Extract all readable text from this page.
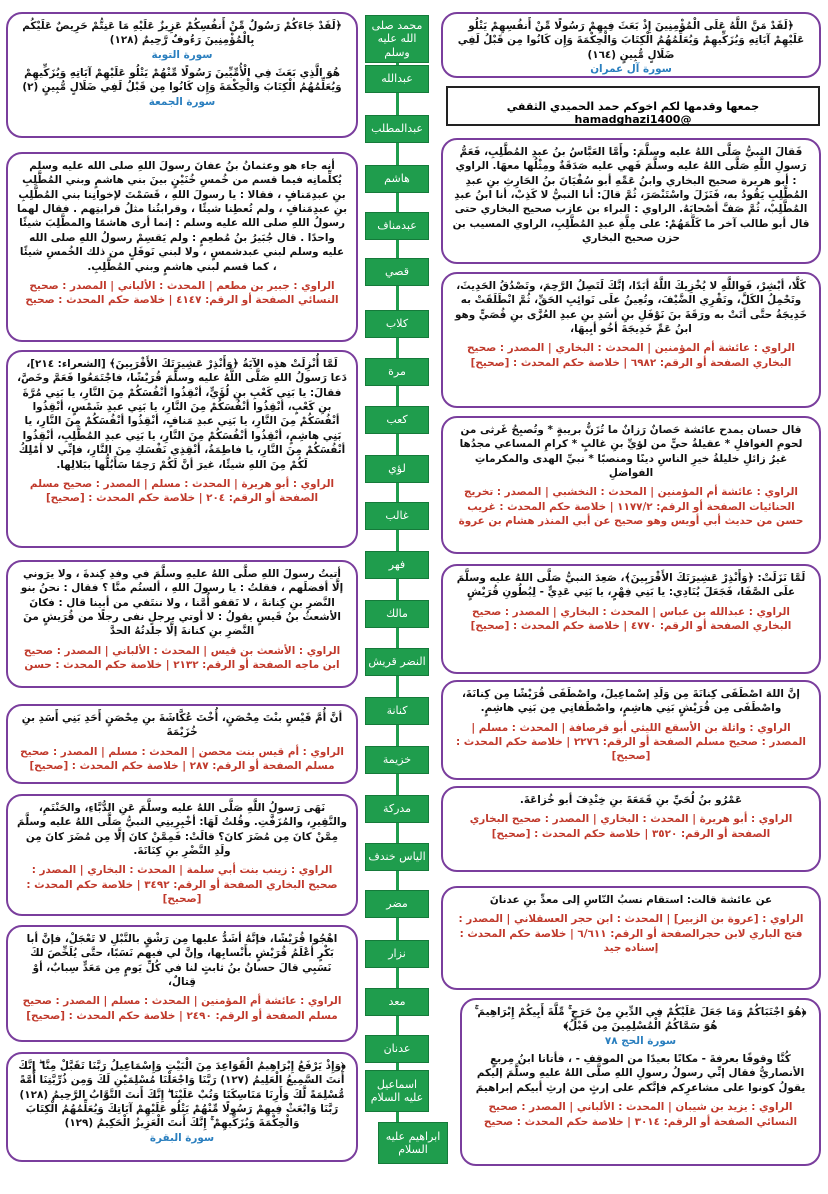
محمد صلى الله عليه وسلم
عبدالله
عبدالمطلب
هاشم
عبدمناف
قصي
كلاب
مرة
كعب
لؤي
غالب
فهر
مالك
النضر قريش
كنانة
خزيمة
مدركة
الياس خندف
مضر
نزار
معد
عدنان
اسماعيل عليه السلام
ابراهيم عليه السلام
﴿لَقَدْ جَاءَكُمْ رَسُولٌ مِّنْ أَنفُسِكُمْ عَزِيزٌ عَلَيْهِ مَا عَنِتُّمْ حَرِيصٌ عَلَيْكُم بِالْمُؤْمِنِينَ رَءُوفٌ رَّحِيمٌ (١٢٨)
سورة التوبة
هُوَ الَّذِي بَعَثَ فِي الْأُمِّيِّينَ رَسُولًا مِّنْهُمْ يَتْلُو عَلَيْهِمْ آيَاتِهِ وَيُزَكِّيهِمْ وَيُعَلِّمُهُمُ الْكِتَابَ وَالْحِكْمَةَ وَإِن كَانُوا مِن قَبْلُ لَفِي ضَلَالٍ مُّبِينٍ (٢)
سورة الجمعة
أنه جاء هو وعثمانُ بنُ عفانَ رسولَ اللهِ صلى الله عليه وسلم يُكلِّمانِه فيما قسم من خُمسِ خُنَيْنٍ بينَ بني هاشمٍ وبني المُطَّلِبِ بنِ عبدِمَنافٍ ، فقالا : يا رسولَ اللهِ ، قَسَمْتَ لإخوانِنا بني المُطَّلِبِ بنِ عبدِمَنافٍ ، ولم تُعطِنا شيئًا ، وقرابتُنا مثلُ قرابتِهم . فقال لهما رسولُ اللهِ صلى الله عليه وسلم : إنما أرى هاشمًا والمطَّلِبَ شيئًا واحدًا . قال جُبَيرُ بنُ مُطعِمٍ : ولم يَقسِمْ رسولُ اللهِ صلى الله عليه وسلم لبني عبدشمسٍ ، ولا لبني نَوفَلٍ من ذلك الخُمسِ شيئًا ، كما قسم لبني هاشمٍ وبني المُطَّلِبِ.
الراوي : جبير بن مطعم | المحدث : الألباني | المصدر : صحيح النسائي الصفحة أو الرقم: ٤١٤٧ | خلاصة حكم المحدث : صحيح
لَمَّا أُنْزِلَتْ هذِه الآيَةُ ﴿وَأَنْذِرْ عَشِيرَتَكَ الأَقْرَبِينَ﴾ [الشعراء: ٢١٤]، دَعا رَسولُ اللهِ صَلَّى اللَّهُ عليه وسلَّمَ قُرَيْشًا، فاجْتَمَعُوا فَعَمَّ وخَصَّ، فقالَ: يا بَنِي كَعْبِ بنِ لُؤَيٍّ، أنْقِذُوا أنْفُسَكُمْ مِنَ النَّارِ، يا بَنِي مُرَّةَ بنِ كَعْبٍ، أنْقِذُوا أنْفُسَكُمْ مِنَ النَّارِ، يا بَنِي عبدِ شَمْسٍ، أنْقِذُوا أنْفُسَكُمْ مِنَ النَّارِ، يا بَنِي عبدِ مَنافٍ، أنْقِذُوا أنْفُسَكُمْ مِنَ النَّارِ، يا بَنِي هاشِمٍ، أنْقِذُوا أنْفُسَكُمْ مِنَ النَّارِ، يا بَنِي عبدِ المُطَّلِبِ، أنْقِذُوا أنْفُسَكُمْ مِنَ النَّارِ، يا فاطِمَةُ، أنْقِذِي نَفْسَكِ مِنَ النَّارِ، فإنِّي لا أمْلِكُ لَكُمْ مِنَ اللهِ شيئًا، غيرَ أنَّ لَكُمْ رَحِمًا سَأَبُلُّها ببَلالِها.
الراوي : أبو هريرة | المحدث : مسلم | المصدر : صحيح مسلم الصفحة أو الرقم: ٢٠٤ | خلاصة حكم المحدث : [صحيح]
أتيتُ رسولَ اللهِ صلَّى اللهُ عليهِ وسلَّمَ في وفدِ كِندةَ ، ولا يرَوني إلَّا أفضلَهم ، فقلتُ : يا رسولَ اللهِ ، ألستُم منَّا ؟ فقال : نحنُ بنو النَّضرِ بنِ كِنانةَ ، لا نَقفو أُمَّنا ، ولا ننتَفي من أبينا قال : فكانَ الأشعثُ بنُ قَيسٍ يقولُ : لا أوتي برجلٍ نفى رجلًا من قُرَيشٍ منَ النَّضرِ بنِ كنانةَ إلَّا جلدتُهُ الحدَّ
الراوي : الأشعث بن قيس | المحدث : الألباني | المصدر : صحيح ابن ماجه الصفحة أو الرقم: ٢١٣٢ | خلاصة حكم المحدث : حسن
أنَّ أُمَّ قَيْسٍ بنْتَ مِحْصَنٍ، أُخْتَ عُكَّاشَةَ بنِ مِحْصَنٍ أَحَدِ بَنِي أَسَدِ بنِ خُزَيْمَةَ
الراوي : أم قيس بنت محصن | المحدث : مسلم | المصدر : صحيح مسلم الصفحة أو الرقم: ٢٨٧ | خلاصة حكم المحدث : [صحيح]
نَهَى رَسولُ اللَّهِ صَلَّى اللهُ عليه وسلَّمَ عَنِ الدُّبَّاءِ، والحَنْتَمِ، والنَّقِيرِ، والمُزَفَّتِ. وقُلتُ لَهَا: أخْبِرِينِي النبيُّ صَلَّى اللهُ عليه وسلَّمَ مِمَّنْ كانَ مِن مُضَرَ كانَ؟ قالَتْ: فَمِمَّنْ كانَ إلَّا مِن مُضَرَ كانَ مِن ولَدِ النَّضْرِ بنِ كِنَانَةَ.
الراوي : زينب بنت أبي سلمة | المحدث : البخاري | المصدر : صحيح البخاري الصفحة أو الرقم: ٣٤٩٢ | خلاصة حكم المحدث : [صحيح]
اهْجُوا قُرَيْشًا، فإنَّهُ أشَدُّ عليها مِن رَشْقٍ بالنَّبْلِ لا تَعْجَلْ، فإنَّ أبا بَكْرٍ أعْلَمُ قُرَيْشٍ بأَنْسابِها، وإنَّ لي فيهم نَسَبًا، حتَّى يُلَخِّصَ لكَ نَسَبِي قالَ حسانُ بنُ ثابتٍ لنا في كُلِّ يَومٍ مِن مَعَدٍّ سِبابٌ، أوْ قِتالٌ،
الراوي : عائشة أم المؤمنين | المحدث : مسلم | المصدر : صحيح مسلم الصفحة أو الرقم: ٢٤٩٠ | خلاصة حكم المحدث : [صحيح]
﴿وَإِذْ يَرْفَعُ إِبْرَاهِيمُ الْقَوَاعِدَ مِنَ الْبَيْتِ وَإِسْمَاعِيلُ رَبَّنَا تَقَبَّلْ مِنَّا ۖ إِنَّكَ أَنتَ السَّمِيعُ الْعَلِيمُ (١٢٧) رَبَّنَا وَاجْعَلْنَا مُسْلِمَيْنِ لَكَ وَمِن ذُرِّيَّتِنَا أُمَّةً مُّسْلِمَةً لَّكَ وَأَرِنَا مَنَاسِكَنَا وَتُبْ عَلَيْنَا ۖ إِنَّكَ أَنتَ التَّوَّابُ الرَّحِيمُ (١٢٨) رَبَّنَا وَابْعَثْ فِيهِمْ رَسُولًا مِّنْهُمْ يَتْلُو عَلَيْهِمْ آيَاتِكَ وَيُعَلِّمُهُمُ الْكِتَابَ وَالْحِكْمَةَ وَيُزَكِّيهِمْ ۚ إِنَّكَ أَنتَ الْعَزِيزُ الْحَكِيمُ (١٢٩)
سورة البقرة
﴿لَقَدْ مَنَّ اللَّهُ عَلَى الْمُؤْمِنِينَ إِذْ بَعَثَ فِيهِمْ رَسُولًا مِّنْ أَنفُسِهِمْ يَتْلُو عَلَيْهِمْ آيَاتِهِ وَيُزَكِّيهِمْ وَيُعَلِّمُهُمُ الْكِتَابَ وَالْحِكْمَةَ وَإِن كَانُوا مِن قَبْلُ لَفِي ضَلَالٍ مُّبِينٍ (١٦٤)
سورة آل عمران
جمعها وقدمها لكم اخوكم حمد الحميدي الثقفي @hamadghazi1400
فَقالَ النبيُّ صَلَّى اللهُ عليه وسلَّمَ: وأَمَّا العَبَّاسُ بنُ عبدِ المُطَّلِبِ، فَعَمُّ رَسولِ اللَّهِ صَلَّى اللهُ عليه وسلَّمَ فَهي عليه صَدَقَةٌ ومِثْلُها معهَا. الراوي : أبو هريرة صحيح البخاري وابنُ عَمِّهِ أبو سُفْيَانَ بنُ الحَارِثِ بنِ عبدِ المُطَّلِبِ يَقُودُ به، فَنَزَلَ واسْتَنْصَرَ، ثُمَّ قالَ: أنا النبيُّ لا كَذِبْ، أنا ابنُ عبدِ المُطَّلِبْ، ثُمَّ صَفَّ أصْحابَهُ. الراوي : البراء بن عازب صحيح البخاري حتى قال أبو طالب آخر ما كَلَّمَهُمْ: على مِلَّةِ عبدِ المُطَّلِبِ، الراوي المسيب بن حزن صحيح البخاري
كَلَّا، أبْشِرْ، فَواللَّهِ لا يُخْزِيكَ اللَّهُ أبَدًا، إنَّكَ لَتَصِلُ الرَّحِمَ، وتَصْدُقُ الحَدِيثَ، وتَحْمِلُ الكَلَّ، وتَقْرِي الضَّيْفَ، وتُعِينُ علَى نَوائِبِ الحَقِّ، ثُمَّ انْطَلَقَتْ به خَدِيجَةُ حتَّى أتَتْ به ورَقَةَ بنَ نَوْفَلِ بنِ أسَدِ بنِ عبدِ العُزَّى بنِ قُصَيٍّ وهو ابنُ عَمِّ خَدِيجَةَ أخُو أبِيهَا،
الراوي : عائشة أم المؤمنين | المحدث : البخاري | المصدر : صحيح البخاري الصفحة أو الرقم: ٦٩٨٢ | خلاصة حكم المحدث : [صحيح]
قال حسان يمدح عائشة حَصانٌ رَزانٌ ما تُزَنُّ بريبةٍ * وتُصبِحُ غَرثى من لحومِ الغوافلِ * عقيلةُ حيٍّ من لؤيِّ بنِ غالبٍ * كرامِ المساعي مجدُها غيرُ زائلِ خليلةُ خيرِ الناسِ دينًا ومنصبًا * نبيِّ الهدى والمكرماتِ الفواضلِ
الراوي : عائشة أم المؤمنين | المحدث : النخشبي | المصدر : تخريج الحنائيات الصفحة أو الرقم: ١١٧٧/٢ | خلاصة حكم المحدث : غريب حسن من حديث أبي أويس وهو صحيح عن أبي المنذر هشام بن عروة
لَمَّا نَزَلَتْ: ﴿وَأَنْذِرْ عَشِيرَتَكَ الأَقْرَبِينَ﴾، صَعِدَ النبيُّ صَلَّى اللهُ عليه وسلَّمَ علَى الصَّفَا، فَجَعَلَ يُنَادِي: يا بَنِي فِهْرٍ، يا بَنِي عَدِيٍّ - لِبُطُونِ قُرَيْشٍ
الراوي : عبدالله بن عباس | المحدث : البخاري | المصدر : صحيح البخاري الصفحة أو الرقم: ٤٧٧٠ | خلاصة حكم المحدث : [صحيح]
إنَّ اللهَ اصْطَفَى كِنانَةَ مِن وَلَدِ إسْماعِيلَ، واصْطَفَى قُرَيْشًا مِن كِنانَةَ، واصْطَفَى مِن قُرَيْشٍ بَنِي هاشِمٍ، واصْطَفانِي مِن بَنِي هاشِمٍ.
الراوي : واثلة بن الأسقع الليثي أبو قرصافة | المحدث : مسلم | المصدر : صحيح مسلم الصفحة أو الرقم: ٢٢٧٦ | خلاصة حكم المحدث : [صحيح]
عَمْرُو بنُ لُحَيِّ بنِ قَمَعَةَ بنِ خِنْدِفَ أبو خُزاعَةَ.
الراوي : أبو هريرة | المحدث : البخاري | المصدر : صحيح البخاري الصفحة أو الرقم: ٣٥٢٠ | خلاصة حكم المحدث : [صحيح]
عن عائشة قالت: استقام نسبُ النّاسِ إلى معدِّ بنِ عدنانَ
الراوي : [عروة بن الزبير] | المحدث : ابن حجر العسقلاني | المصدر : فتح الباري لابن حجرالصفحة أو الرقم: ٦/٦١١ | خلاصة حكم المحدث : إسناده جيد
﴿هُوَ اجْتَبَاكُمْ وَمَا جَعَلَ عَلَيْكُمْ فِي الدِّينِ مِنْ حَرَجٍ ۚ مِّلَّةَ أَبِيكُمْ إِبْرَاهِيمَ ۚ هُوَ سَمَّاكُمُ الْمُسْلِمِينَ مِن قَبْلُ﴾
سورة الحج ٧٨
كُنَّا وقوفًا بعرفةَ - مكانًا بعيدًا من الموقفِ - ، فأتانا ابنُ مِربعٍ الأنصاريُّ فقال إنِّي رسولُ رسولِ اللهِ صلَّى اللهُ عليهِ وسلَّمَ إليكم يقولُ كونوا على مشاعرِكم فإنَّكم على إرثٍ من إرثِ أبيكم إبراهيمَ
الراوي : يزيد بن شيبان | المحدث : الألباني | المصدر : صحيح النسائي الصفحة أو الرقم: ٣٠١٤ | خلاصة حكم المحدث : صحيح
